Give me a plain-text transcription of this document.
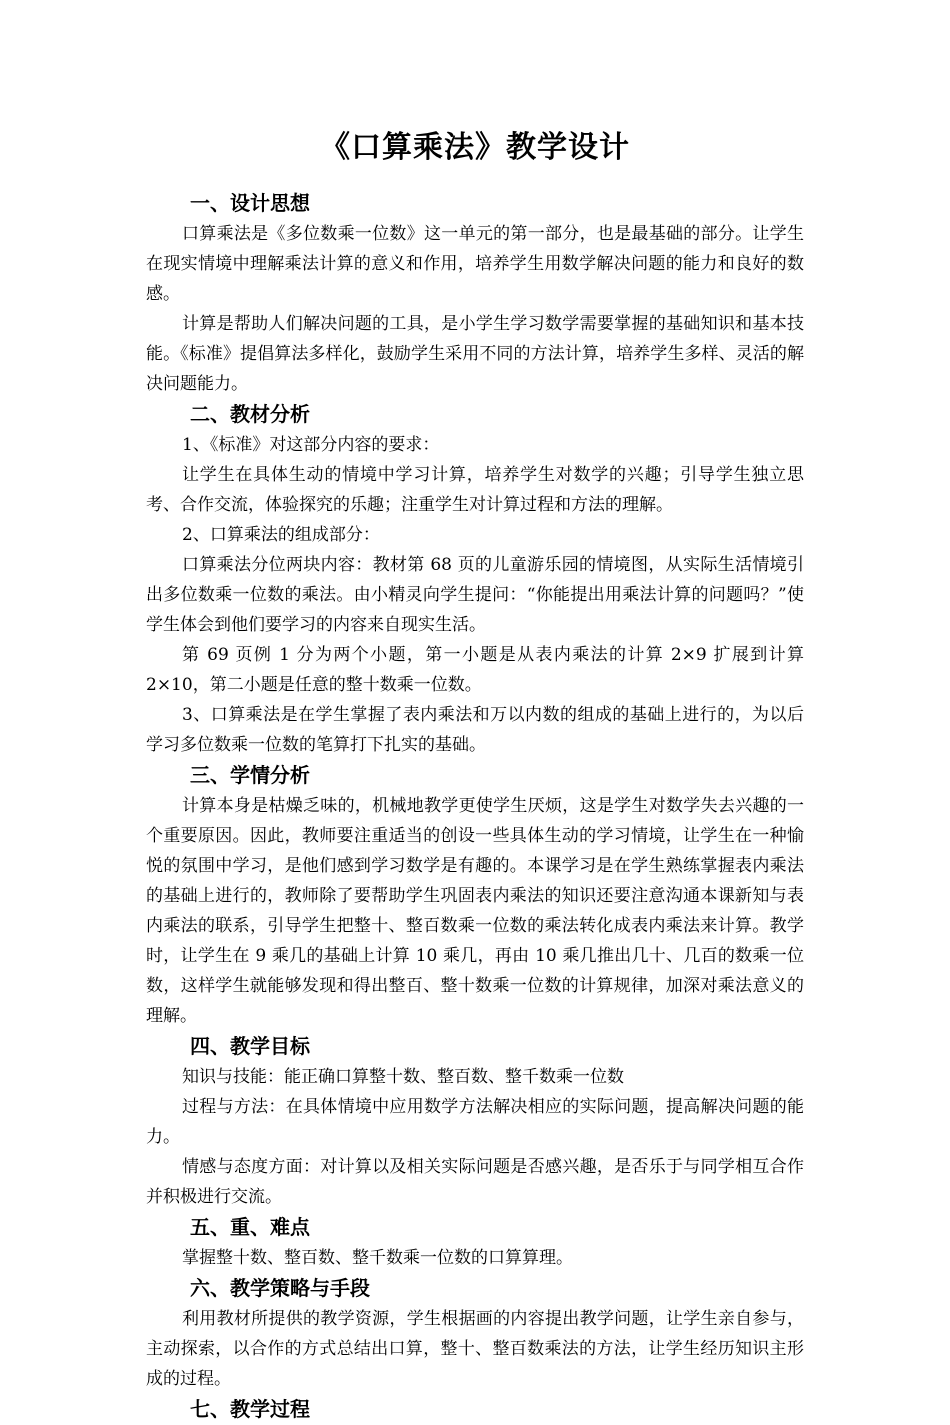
《口算乘法》教学设计
一、设计思想

口算乘法是《多位数乘一位数》这一单元的第一部分，也是最基础的部分。让学生在现实情境中理解乘法计算的意义和作用，培养学生用数学解决问题的能力和良好的数感。

计算是帮助人们解决问题的工具，是小学生学习数学需要掌握的基础知识和基本技能。《标准》提倡算法多样化，鼓励学生采用不同的方法计算，培养学生多样、灵活的解决问题能力。

二、教材分析

1、《标准》对这部分内容的要求：

让学生在具体生动的情境中学习计算，培养学生对数学的兴趣；引导学生独立思考、合作交流，体验探究的乐趣；注重学生对计算过程和方法的理解。

2、口算乘法的组成部分：

口算乘法分位两块内容：教材第 68 页的儿童游乐园的情境图，从实际生活情境引出多位数乘一位数的乘法。由小精灵向学生提问：“你能提出用乘法计算的问题吗？”使学生体会到他们要学习的内容来自现实生活。

第 69 页例 1 分为两个小题，第一小题是从表内乘法的计算 2×9 扩展到计算 2×10，第二小题是任意的整十数乘一位数。

3、口算乘法是在学生掌握了表内乘法和万以内数的组成的基础上进行的，为以后学习多位数乘一位数的笔算打下扎实的基础。

三、学情分析

计算本身是枯燥乏味的，机械地教学更使学生厌烦，这是学生对数学失去兴趣的一个重要原因。因此，教师要注重适当的创设一些具体生动的学习情境，让学生在一种愉悦的氛围中学习，是他们感到学习数学是有趣的。本课学习是在学生熟练掌握表内乘法的基础上进行的，教师除了要帮助学生巩固表内乘法的知识还要注意沟通本课新知与表内乘法的联系，引导学生把整十、整百数乘一位数的乘法转化成表内乘法来计算。教学时，让学生在 9 乘几的基础上计算 10 乘几，再由 10 乘几推出几十、几百的数乘一位数，这样学生就能够发现和得出整百、整十数乘一位数的计算规律，加深对乘法意义的理解。

四、教学目标

知识与技能：能正确口算整十数、整百数、整千数乘一位数

过程与方法：在具体情境中应用数学方法解决相应的实际问题，提高解决问题的能力。

情感与态度方面：对计算以及相关实际问题是否感兴趣，是否乐于与同学相互合作并积极进行交流。

五、重、难点

掌握整十数、整百数、整千数乘一位数的口算算理。

六、教学策略与手段

利用教材所提供的教学资源，学生根据画的内容提出教学问题，让学生亲自参与，主动探索，以合作的方式总结出口算，整十、整百数乘法的方法，让学生经历知识主形成的过程。

七、教学过程
